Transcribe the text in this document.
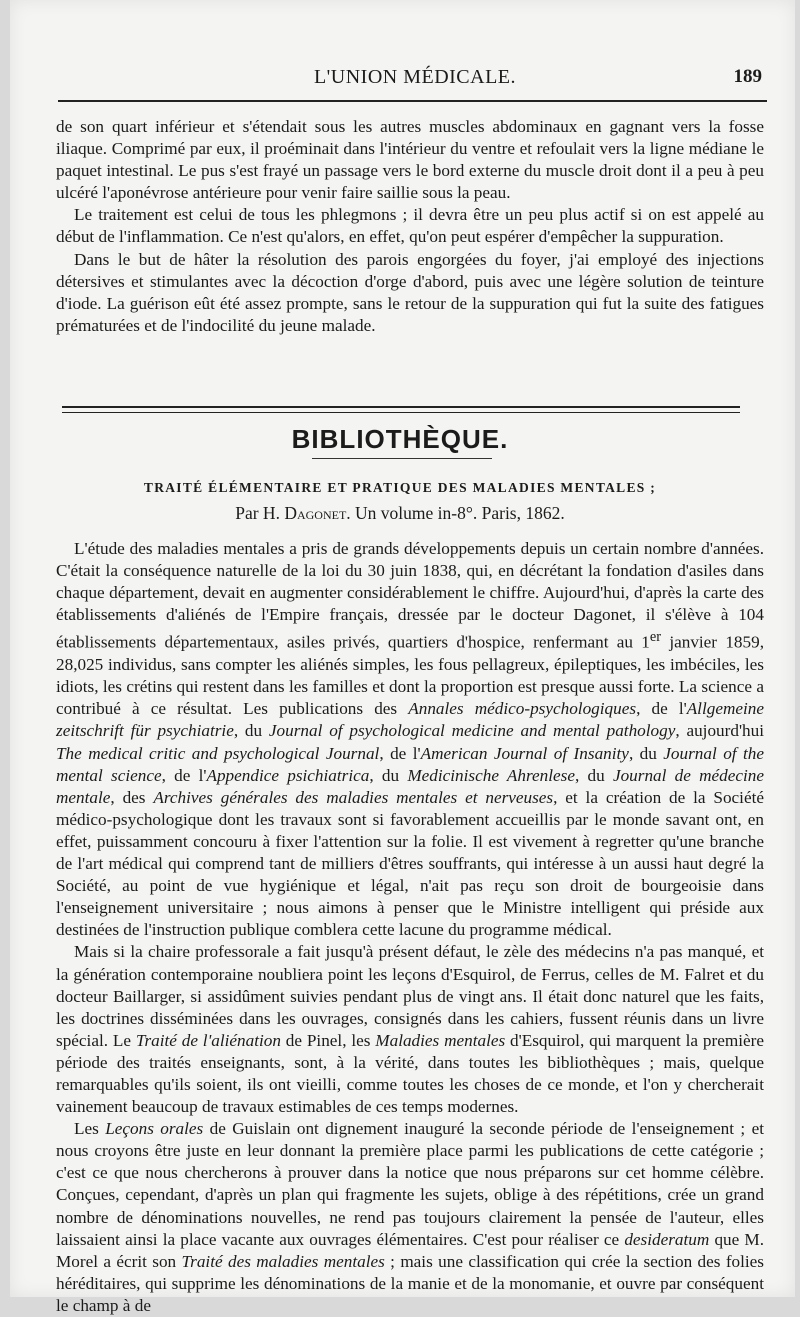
L'UNION MÉDICALE.	189

de son quart inférieur et s'étendait sous les autres muscles abdominaux en gagnant vers la fosse iliaque. Comprimé par eux, il proéminait dans l'intérieur du ventre et refoulait vers la ligne médiane le paquet intestinal. Le pus s'est frayé un passage vers le bord externe du muscle droit dont il a peu à peu ulcéré l'aponévrose antérieure pour venir faire saillie sous la peau.

Le traitement est celui de tous les phlegmons ; il devra être un peu plus actif si on est appelé au début de l'inflammation. Ce n'est qu'alors, en effet, qu'on peut espérer d'empêcher la suppuration.

Dans le but de hâter la résolution des parois engorgées du foyer, j'ai employé des injections détersives et stimulantes avec la décoction d'orge d'abord, puis avec une légère solution de teinture d'iode. La guérison eût été assez prompte, sans le retour de la suppuration qui fut la suite des fatigues prématurées et de l'indocilité du jeune malade.

BIBLIOTHÈQUE.
TRAITÉ ÉLÉMENTAIRE ET PRATIQUE DES MALADIES MENTALES ;
Par H. Dagonet. Un volume in-8°. Paris, 1862.

L'étude des maladies mentales a pris de grands développements depuis un certain nombre d'années. C'était la conséquence naturelle de la loi du 30 juin 1838, qui, en décrétant la fondation d'asiles dans chaque département, devait en augmenter considérablement le chiffre. Aujourd'hui, d'après la carte des établissements d'aliénés de l'Empire français, dressée par le docteur Dagonet, il s'élève à 104 établissements départementaux, asiles privés, quartiers d'hospice, renfermant au 1er janvier 1859, 28,025 individus, sans compter les aliénés simples, les fous pellagreux, épileptiques, les imbéciles, les idiots, les crétins qui restent dans les familles et dont la proportion est presque aussi forte. La science a contribué à ce résultat. Les publications des Annales médico-psychologiques, de l'Allgemeine zeitschrift für psychiatrie, du Journal of psychological medicine and mental pathology, aujourd'hui The medical critic and psychological Journal, de l'American Journal of Insanity, du Journal of the mental science, de l'Appendice psichiatrica, du Medicinische Ahrenlese, du Journal de médecine mentale, des Archives générales des maladies mentales et nerveuses, et la création de la Société médico-psychologique dont les travaux sont si favorablement accueillis par le monde savant ont, en effet, puissamment concouru à fixer l'attention sur la folie. Il est vivement à regretter qu'une branche de l'art médical qui comprend tant de milliers d'êtres souffrants, qui intéresse à un aussi haut degré la Société, au point de vue hygiénique et légal, n'ait pas reçu son droit de bourgeoisie dans l'enseignement universitaire ; nous aimons à penser que le Ministre intelligent qui préside aux destinées de l'instruction publique comblera cette lacune du programme médical.

Mais si la chaire professorale a fait jusqu'à présent défaut, le zèle des médecins n'a pas manqué, et la génération contemporaine noubliera point les leçons d'Esquirol, de Ferrus, celles de M. Falret et du docteur Baillarger, si assidûment suivies pendant plus de vingt ans. Il était donc naturel que les faits, les doctrines disséminées dans les ouvrages, consignés dans les cahiers, fussent réunis dans un livre spécial. Le Traité de l'aliénation de Pinel, les Maladies mentales d'Esquirol, qui marquent la première période des traités enseignants, sont, à la vérité, dans toutes les bibliothèques ; mais, quelque remarquables qu'ils soient, ils ont vieilli, comme toutes les choses de ce monde, et l'on y chercherait vainement beaucoup de travaux estimables de ces temps modernes.

Les Leçons orales de Guislain ont dignement inauguré la seconde période de l'enseignement ; et nous croyons être juste en leur donnant la première place parmi les publications de cette catégorie ; c'est ce que nous chercherons à prouver dans la notice que nous préparons sur cet homme célèbre. Conçues, cependant, d'après un plan qui fragmente les sujets, oblige à des répétitions, crée un grand nombre de dénominations nouvelles, ne rend pas toujours clairement la pensée de l'auteur, elles laissaient ainsi la place vacante aux ouvrages élémentaires. C'est pour réaliser ce desideratum que M. Morel a écrit son Traité des maladies mentales ; mais une classification qui crée la section des folies héréditaires, qui supprime les dénominations de la manie et de la monomanie, et ouvre par conséquent le champ à de
